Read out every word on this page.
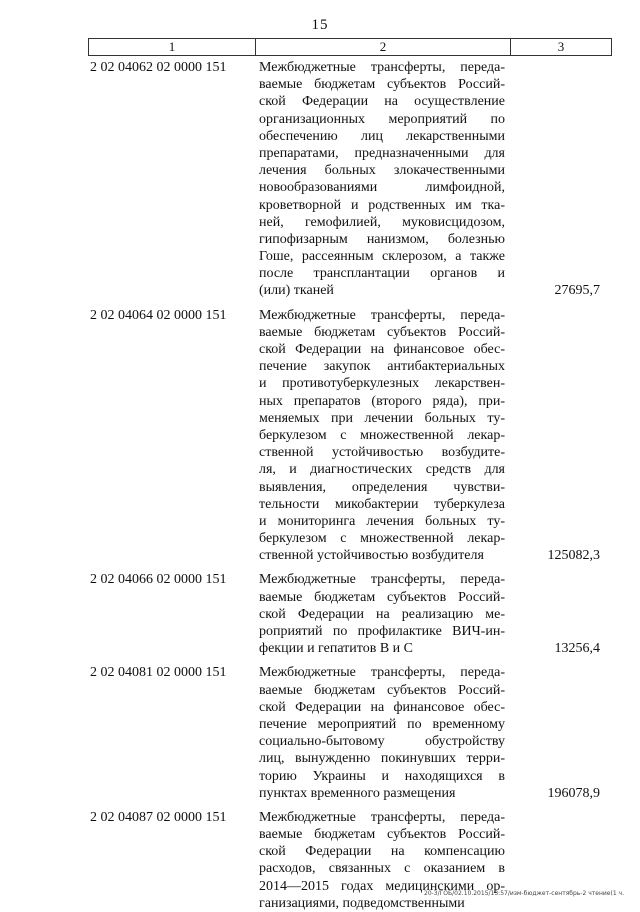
15
1	2	3
2 02 04062 02 0000 151	Межбюджетные трансферты, переда-
ваемые бюджетам субъектов Россий-
ской Федерации на осуществление
организационных мероприятий по
обеспечению лиц лекарственными
препаратами, предназначенными для
лечения больных злокачественными
новообразованиями лимфоидной,
кроветворной и родственных им тка-
ней, гемофилией, муковисцидозом,
гипофизарным нанизмом, болезнью
Гоше, рассеянным склерозом, а также
после трансплантации органов и
(или) тканей	27695,7
2 02 04064 02 0000 151	Межбюджетные трансферты, переда-
ваемые бюджетам субъектов Россий-
ской Федерации на финансовое обес-
печение закупок антибактериальных
и противотуберкулезных лекарствен-
ных препаратов (второго ряда), при-
меняемых при лечении больных ту-
беркулезом с множественной лекар-
ственной устойчивостью возбудите-
ля, и диагностических средств для
выявления, определения чувстви-
тельности микобактерии туберкулеза
и мониторинга лечения больных ту-
беркулезом с множественной лекар-
ственной устойчивостью возбудителя	125082,3
2 02 04066 02 0000 151	Межбюджетные трансферты, переда-
ваемые бюджетам субъектов Россий-
ской Федерации на реализацию ме-
роприятий по профилактике ВИЧ-ин-
фекции и гепатитов B и C	13256,4
2 02 04081 02 0000 151	Межбюджетные трансферты, переда-
ваемые бюджетам субъектов Россий-
ской Федерации на финансовое обес-
печение мероприятий по временному
социально-бытовому обустройству
лиц, вынужденно покинувших терри-
торию Украины и находящихся в
пунктах временного размещения	196078,9
2 02 04087 02 0000 151	Межбюджетные трансферты, переда-
ваемые бюджетам субъектов Россий-
ской Федерации на компенсацию
расходов, связанных с оказанием в
2014—2015 годах медицинскими ор-
ганизациями, подведомственными
20-3/ГОБ/02.10.2015/13:57/изм-бюджет-сентябрь-2 чтение(1 ч.
